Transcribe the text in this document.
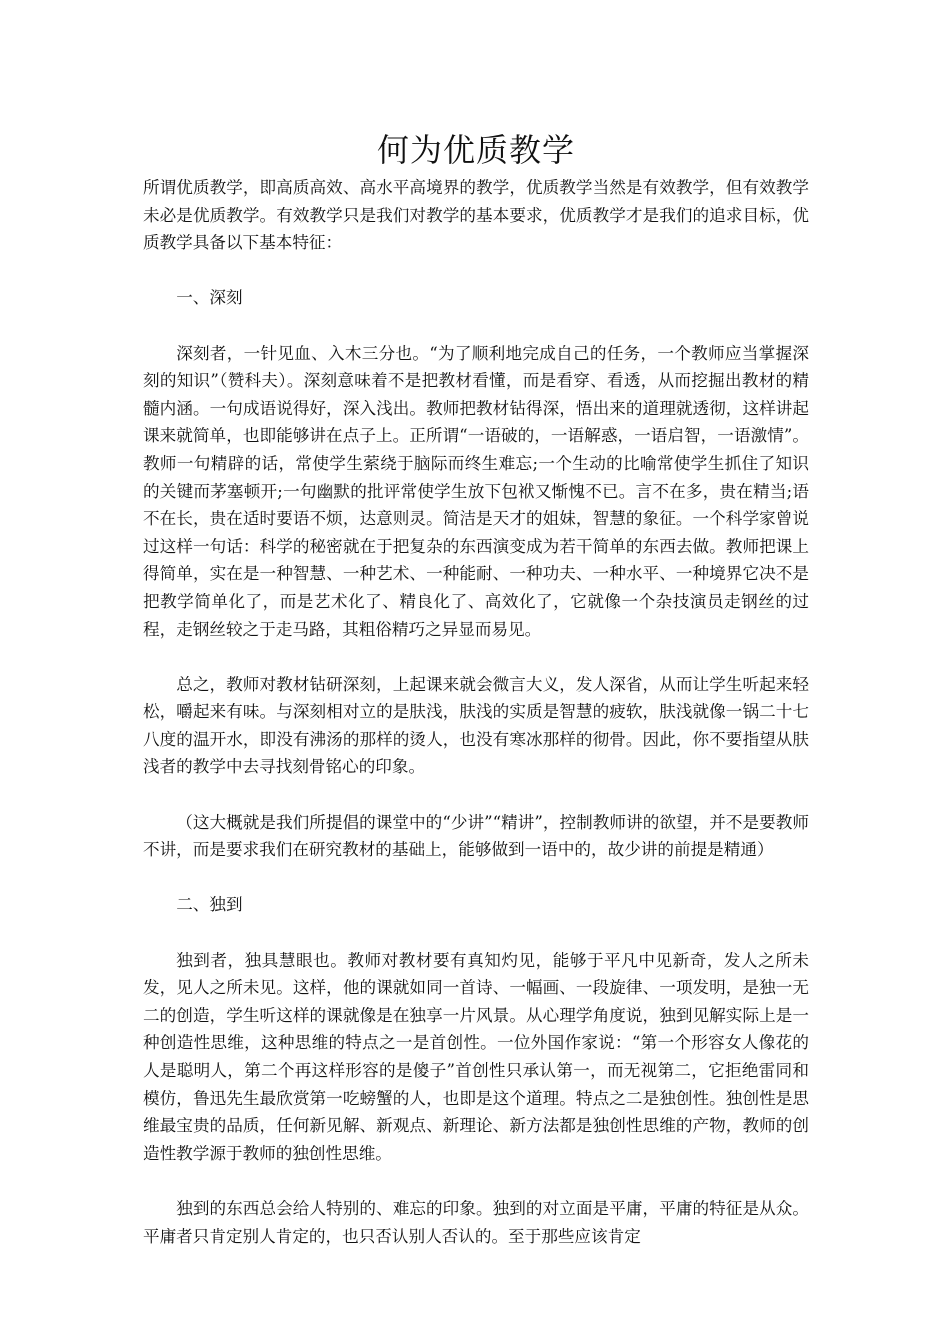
何为优质教学

所谓优质教学，即高质高效、高水平高境界的教学，优质教学当然是有效教学，但有效教学未必是优质教学。有效教学只是我们对教学的基本要求，优质教学才是我们的追求目标，优质教学具备以下基本特征：

一、深刻

深刻者，一针见血、入木三分也。“为了顺利地完成自己的任务，一个教师应当掌握深刻的知识”（赞科夫）。深刻意味着不是把教材看懂，而是看穿、看透，从而挖掘出教材的精髓内涵。一句成语说得好，深入浅出。教师把教材钻得深，悟出来的道理就透彻，这样讲起课来就简单，也即能够讲在点子上。正所谓“一语破的，一语解惑，一语启智，一语激情”。教师一句精辟的话，常使学生萦绕于脑际而终生难忘;一个生动的比喻常使学生抓住了知识的关键而茅塞顿开;一句幽默的批评常使学生放下包袱又惭愧不已。言不在多，贵在精当;语不在长，贵在适时要语不烦，达意则灵。简洁是天才的姐妹，智慧的象征。一个科学家曾说过这样一句话：科学的秘密就在于把复杂的东西演变成为若干简单的东西去做。教师把课上得简单，实在是一种智慧、一种艺术、一种能耐、一种功夫、一种水平、一种境界它决不是把教学简单化了，而是艺术化了、精良化了、高效化了，它就像一个杂技演员走钢丝的过程，走钢丝较之于走马路，其粗俗精巧之异显而易见。

总之，教师对教材钻研深刻，上起课来就会微言大义，发人深省，从而让学生听起来轻松，嚼起来有味。与深刻相对立的是肤浅，肤浅的实质是智慧的疲软，肤浅就像一锅二十七八度的温开水，即没有沸汤的那样的烫人，也没有寒冰那样的彻骨。因此，你不要指望从肤浅者的教学中去寻找刻骨铭心的印象。

（这大概就是我们所提倡的课堂中的“少讲”“精讲”，控制教师讲的欲望，并不是要教师不讲，而是要求我们在研究教材的基础上，能够做到一语中的，故少讲的前提是精通）

二、独到

独到者，独具慧眼也。教师对教材要有真知灼见，能够于平凡中见新奇，发人之所未发，见人之所未见。这样，他的课就如同一首诗、一幅画、一段旋律、一项发明，是独一无二的创造，学生听这样的课就像是在独享一片风景。从心理学角度说，独到见解实际上是一种创造性思维，这种思维的特点之一是首创性。一位外国作家说：“第一个形容女人像花的人是聪明人，第二个再这样形容的是傻子”首创性只承认第一，而无视第二，它拒绝雷同和模仿，鲁迅先生最欣赏第一吃螃蟹的人，也即是这个道理。特点之二是独创性。独创性是思维最宝贵的品质，任何新见解、新观点、新理论、新方法都是独创性思维的产物，教师的创造性教学源于教师的独创性思维。

独到的东西总会给人特别的、难忘的印象。独到的对立面是平庸，平庸的特征是从众。平庸者只肯定别人肯定的，也只否认别人否认的。至于那些应该肯定
